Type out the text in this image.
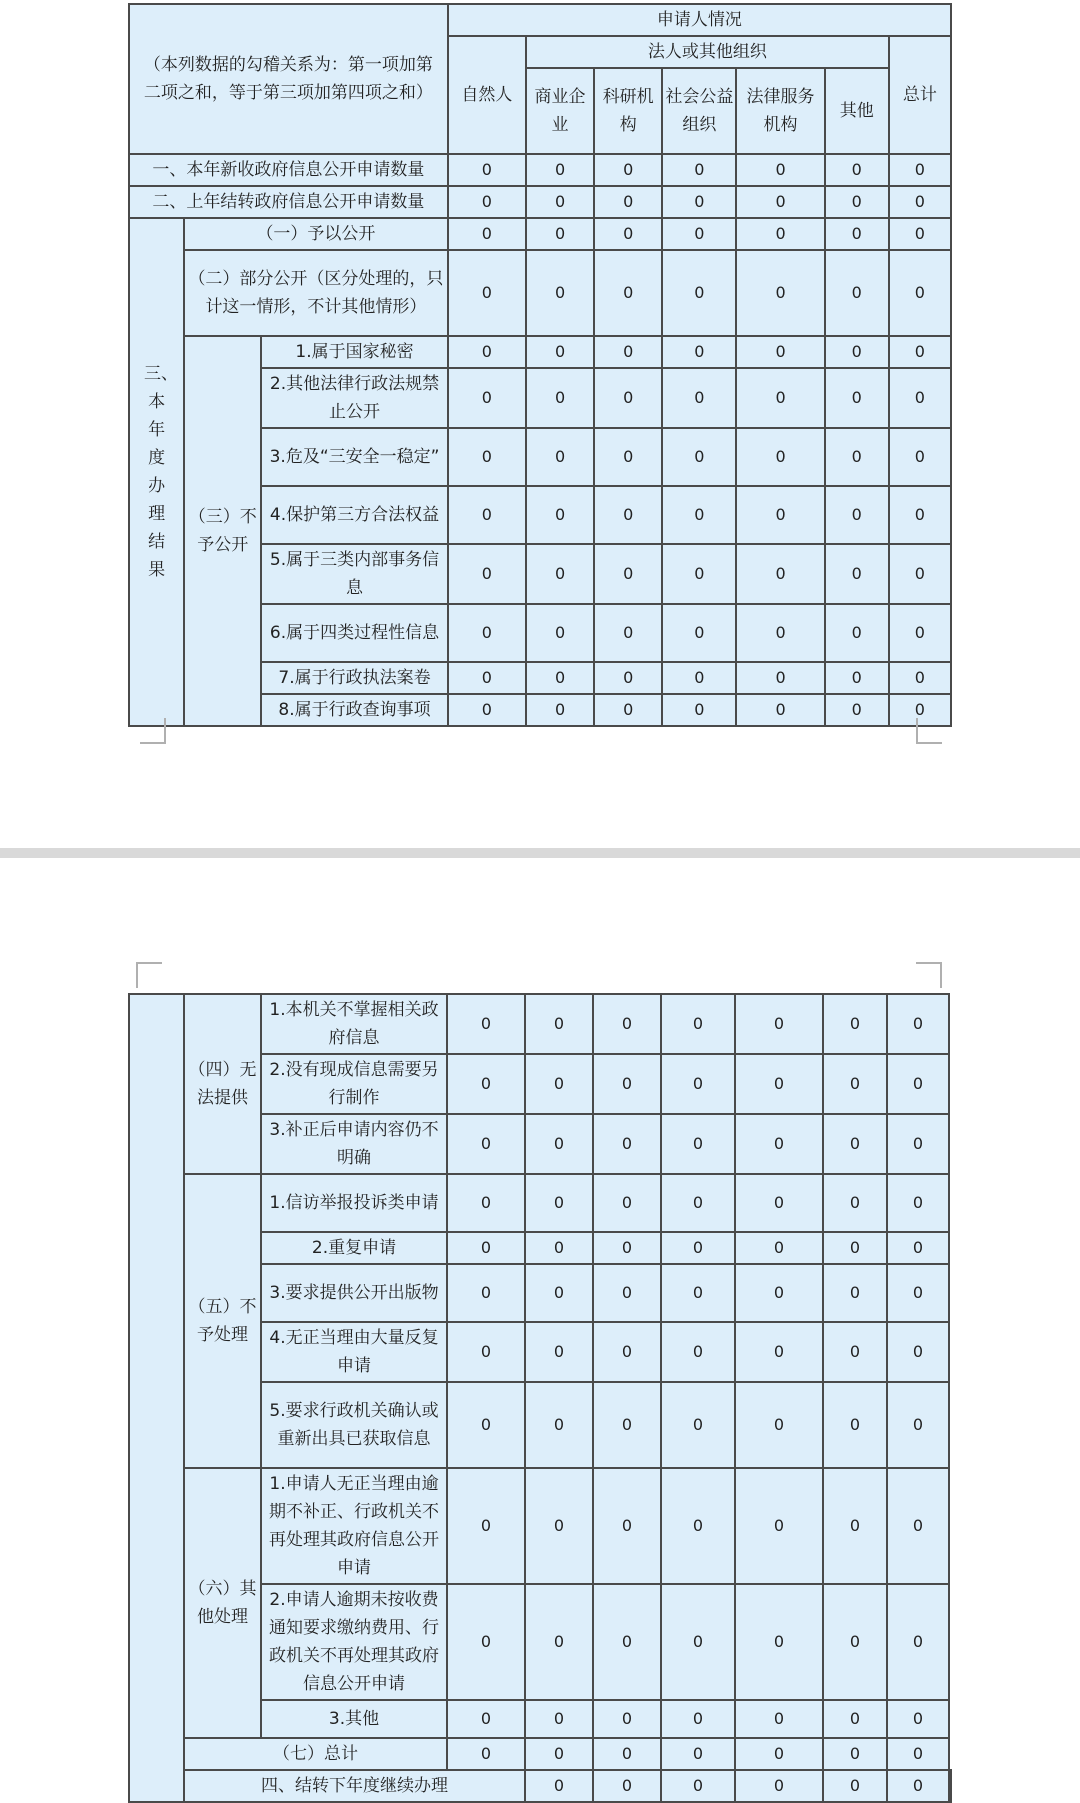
（本列数据的勾稽关系为：第一项加第二项之和，等于第三项加第四项之和）			申请人情况						
			自然人	法人或其他组织					总计
				商业企业	科研机构	社会公益组织	法律服务机构	其他	
一、本年新收政府信息公开申请数量			0	0	0	0	0	0	0
二、上年结转政府信息公开申请数量			0	0	0	0	0	0	0
三、本年度办理结果	（一）予以公开		0	0	0	0	0	0	0
	（二）部分公开（区分处理的，只计这一情形，不计其他情形）		0	0	0	0	0	0	0
	（三）不予公开	1.属于国家秘密	0	0	0	0	0	0	0
		2.其他法律行政法规禁止公开	0	0	0	0	0	0	0
		3.危及“三安全一稳定”	0	0	0	0	0	0	0
		4.保护第三方合法权益	0	0	0	0	0	0	0
		5.属于三类内部事务信息	0	0	0	0	0	0	0
		6.属于四类过程性信息	0	0	0	0	0	0	0
		7.属于行政执法案卷	0	0	0	0	0	0	0
		8.属于行政查询事项	0	0	0	0	0	0	0
	（四）无法提供	1.本机关不掌握相关政府信息	0	0	0	0	0	0	0	
		2.没有现成信息需要另行制作	0	0	0	0	0	0	0	
		3.补正后申请内容仍不明确	0	0	0	0	0	0	0	
	（五）不予处理	1.信访举报投诉类申请	0	0	0	0	0	0	0	
		2.重复申请	0	0	0	0	0	0	0	
		3.要求提供公开出版物	0	0	0	0	0	0	0	
		4.无正当理由大量反复申请	0	0	0	0	0	0	0	
		5.要求行政机关确认或重新出具已获取信息	0	0	0	0	0	0	0	
	（六）其他处理	1.申请人无正当理由逾期不补正、行政机关不再处理其政府信息公开申请	0	0	0	0	0	0	0	
		2.申请人逾期未按收费通知要求缴纳费用、行政机关不再处理其政府信息公开申请	0	0	0	0	0	0	0	
		3.其他	0	0	0	0	0	0	0	
	（七）总计		0	0	0	0	0	0	0	
	四、结转下年度继续办理			0	0	0	0	0	0	
